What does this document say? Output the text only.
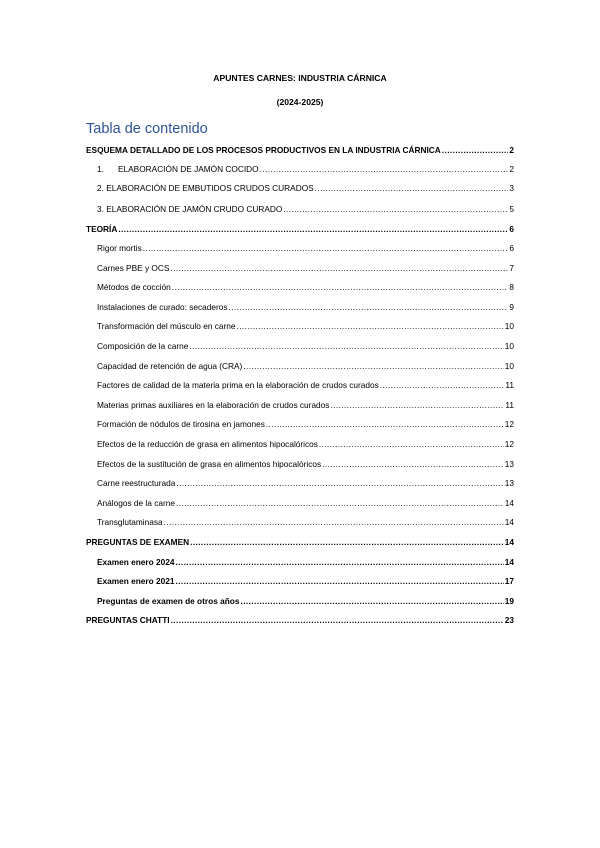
APUNTES CARNES: INDUSTRIA CÁRNICA
(2024-2025)
Tabla de contenido
ESQUEMA DETALLADO DE LOS PROCESOS PRODUCTIVOS EN LA INDUSTRIA CÁRNICA .....	2
1. ELABORACIÓN DE JAMÓN COCIDO .....	2
2. ELABORACIÓN DE EMBUTIDOS CRUDOS CURADOS .....	3
3. ELABORACIÓN DE JAMÓN CRUDO CURADO .....	5
TEORÍA .....	6
Rigor mortis .....	6
Carnes PBE y OCS .....	7
Métodos de cocción .....	8
Instalaciones de curado: secaderos .....	9
Transformación del músculo en carne .....	10
Composición de la carne .....	10
Capacidad de retención de agua (CRA) .....	10
Factores de calidad de la materia prima en la elaboración de crudos curados .....	11
Materias primas auxiliares en la elaboración de crudos curados .....	11
Formación de nódulos de tirosina en jamones .....	12
Efectos de la reducción de grasa en alimentos hipocalóricos .....	12
Efectos de la sustitución de grasa en alimentos hipocalóricos .....	13
Carne reestructurada .....	13
Análogos de la carne .....	14
Transglutaminasa .....	14
PREGUNTAS DE EXAMEN .....	14
Examen enero 2024 .....	14
Examen enero 2021 .....	17
Preguntas de examen de otros años .....	19
PREGUNTAS CHATTI .....	23
